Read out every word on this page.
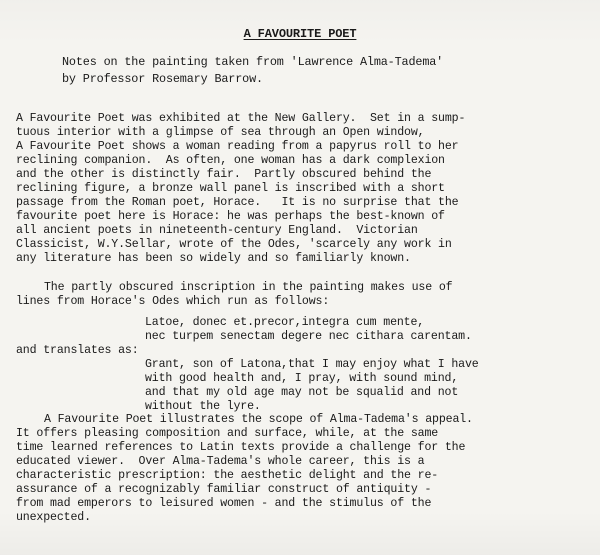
A FAVOURITE POET
Notes on the painting taken from 'Lawrence Alma-Tadema'
by Professor Rosemary Barrow.
A Favourite Poet was exhibited at the New Gallery.  Set in a sump-
tuous interior with a glimpse of sea through an Open window,
A Favourite Poet shows a woman reading from a papyrus roll to her
reclining companion.  As often, one woman has a dark complexion
and the other is distinctly fair.  Partly obscured behind the
reclining figure, a bronze wall panel is inscribed with a short
passage from the Roman poet, Horace.   It is no surprise that the
favourite poet here is Horace: he was perhaps the best-known of
all ancient poets in nineteenth-century England.  Victorian
Classicist, W.Y.Sellar, wrote of the Odes, 'scarcely any work in
any literature has been so widely and so familiarly known.
The partly obscured inscription in the painting makes use of
lines from Horace's Odes which run as follows:
Latoe, donec et.precor,integra cum mente,
nec turpem senectam degere nec cithara carentam.
and translates as:
Grant, son of Latona,that I may enjoy what I have
with good health and, I pray, with sound mind,
and that my old age may not be squalid and not
without the lyre.
A Favourite Poet illustrates the scope of Alma-Tadema's appeal.
It offers pleasing composition and surface, while, at the same
time learned references to Latin texts provide a challenge for the
educated viewer.  Over Alma-Tadema's whole career, this is a
characteristic prescription: the aesthetic delight and the re-
assurance of a recognizably familiar construct of antiquity -
from mad emperors to leisured women - and the stimulus of the
unexpected.
